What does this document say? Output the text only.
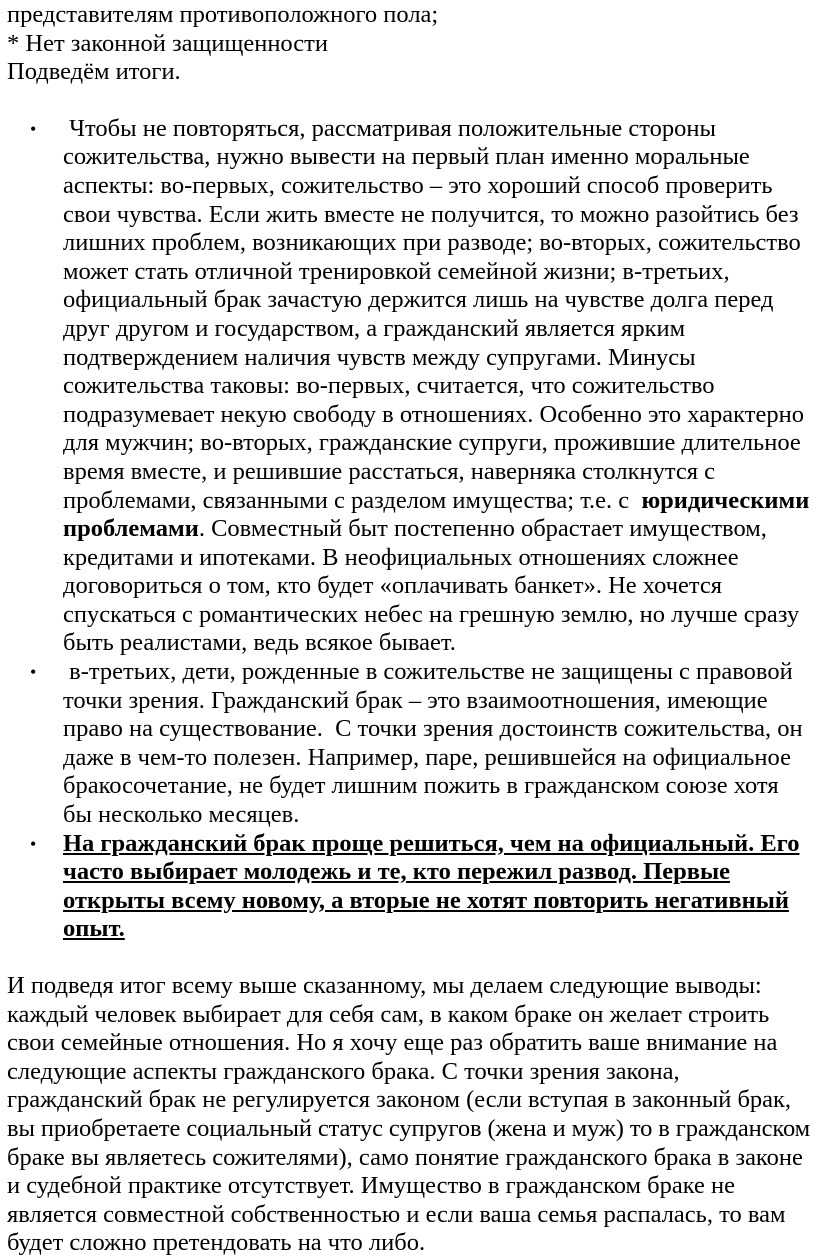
представителям противоположного пола;
* Нет законной защищенности
Подведём итоги.
• Чтобы не повторяться, рассматривая положительные стороны
сожительства, нужно вывести на первый план именно моральные
аспекты: во-первых, сожительство – это хороший способ проверить
свои чувства. Если жить вместе не получится, то можно разойтись без
лишних проблем, возникающих при разводе; во-вторых, сожительство
может стать отличной тренировкой семейной жизни; в-третьих,
официальный брак зачастую держится лишь на чувстве долга перед
друг другом и государством, а гражданский является ярким
подтверждением наличия чувств между супругами. Минусы
сожительства таковы: во-первых, считается, что сожительство
подразумевает некую свободу в отношениях. Особенно это характерно
для мужчин; во-вторых, гражданские супруги, прожившие длительное
время вместе, и решившие расстаться, наверняка столкнутся с
проблемами, связанными с разделом имущества; т.е. с  юридическими
проблемами. Совместный быт постепенно обрастает имуществом,
кредитами и ипотеками. В неофициальных отношениях сложнее
договориться о том, кто будет «оплачивать банкет». Не хочется
спускаться с романтических небес на грешную землю, но лучше сразу
быть реалистами, ведь всякое бывает.
• в-третьих, дети, рожденные в сожительстве не защищены с правовой
точки зрения. Гражданский брак – это взаимоотношения, имеющие
право на существование.  С точки зрения достоинств сожительства, он
даже в чем-то полезен. Например, паре, решившейся на официальное
бракосочетание, не будет лишним пожить в гражданском союзе хотя
бы несколько месяцев.
• На гражданский брак проще решиться, чем на официальный. Его
часто выбирает молодежь и те, кто пережил развод. Первые
открыты всему новому, а вторые не хотят повторить негативный
опыт.
И подведя итог всему выше сказанному, мы делаем следующие выводы:
каждый человек выбирает для себя сам, в каком браке он желает строить
свои семейные отношения. Но я хочу еще раз обратить ваше внимание на
следующие аспекты гражданского брака. С точки зрения закона,
гражданский брак не регулируется законом (если вступая в законный брак,
вы приобретаете социальный статус супругов (жена и муж) то в гражданском
браке вы являетесь сожителями), само понятие гражданского брака в законе
и судебной практике отсутствует. Имущество в гражданском браке не
является совместной собственностью и если ваша семья распалась, то вам
будет сложно претендовать на что либо.
